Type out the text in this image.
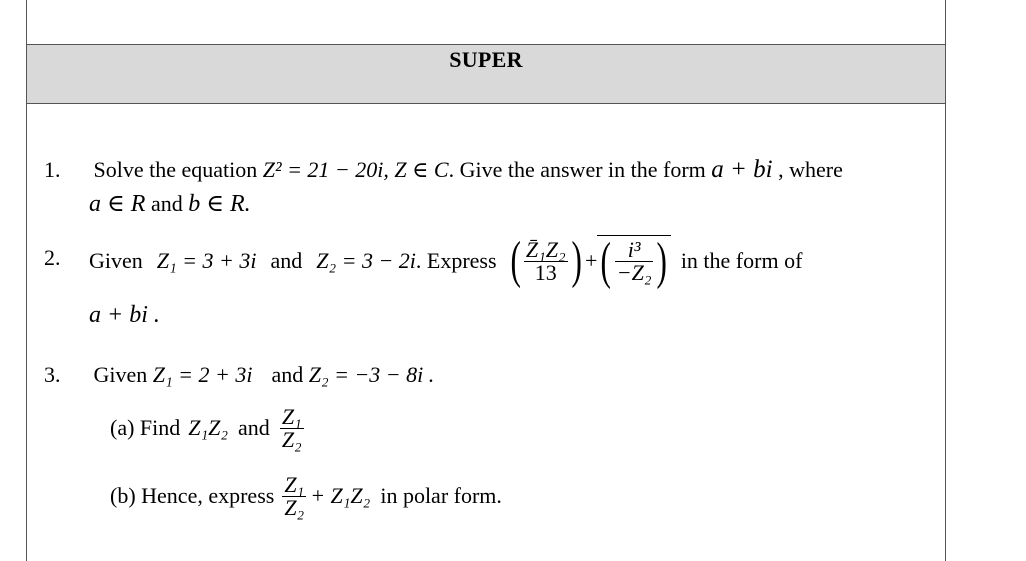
SUPER
1. Solve the equation Z² = 21 − 20i, Z ∈ C. Give the answer in the form a + bi , where
a ∈ R and b ∈ R.
2. Given Z₁ = 3 + 3i and Z₂ = 3 − 2i . Express ( $\frac{\text{Z̄₁Z₂}}{13}$ ) + ( $\frac{\text{i³}}{\text{−Z₂}}$ ) in the form of
a + bi .
3. Given Z₁ = 2 + 3i and Z₂ = −3 − 8i .
(a) Find Z₁Z₂ and $\frac{\text{Z₁}}{\text{Z₂}}$
(b) Hence, express $\frac{\text{Z₁}}{\text{Z₂}} + Z_1Z_2$ in polar form.
